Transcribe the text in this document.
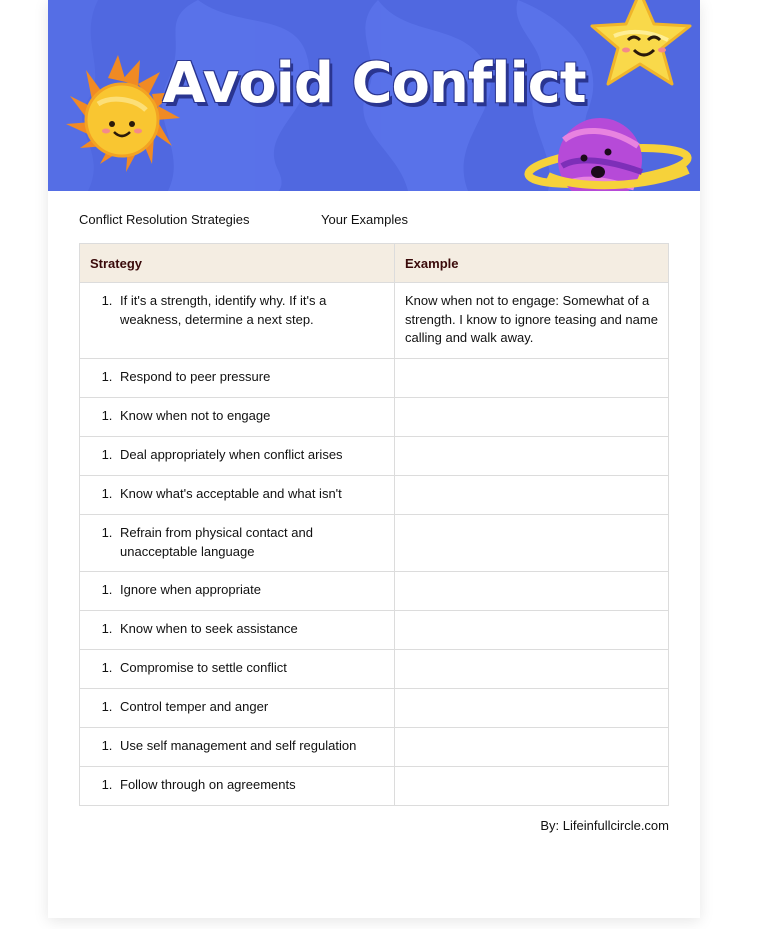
Avoid Conflict
Conflict Resolution Strategies	Your Examples
Strategy	Example
1. If it's a strength, identify why. If it's a weakness, determine a next step.	Know when not to engage: Somewhat of a strength. I know to ignore teasing and name calling and walk away.
1. Respond to peer pressure	
1. Know when not to engage	
1. Deal appropriately when conflict arises	
1. Know what's acceptable and what isn't	
1. Refrain from physical contact and unacceptable language	
1. Ignore when appropriate	
1. Know when to seek assistance	
1. Compromise to settle conflict	
1. Control temper and anger	
1. Use self management and self regulation	
1. Follow through on agreements	
By: Lifeinfullcircle.com
